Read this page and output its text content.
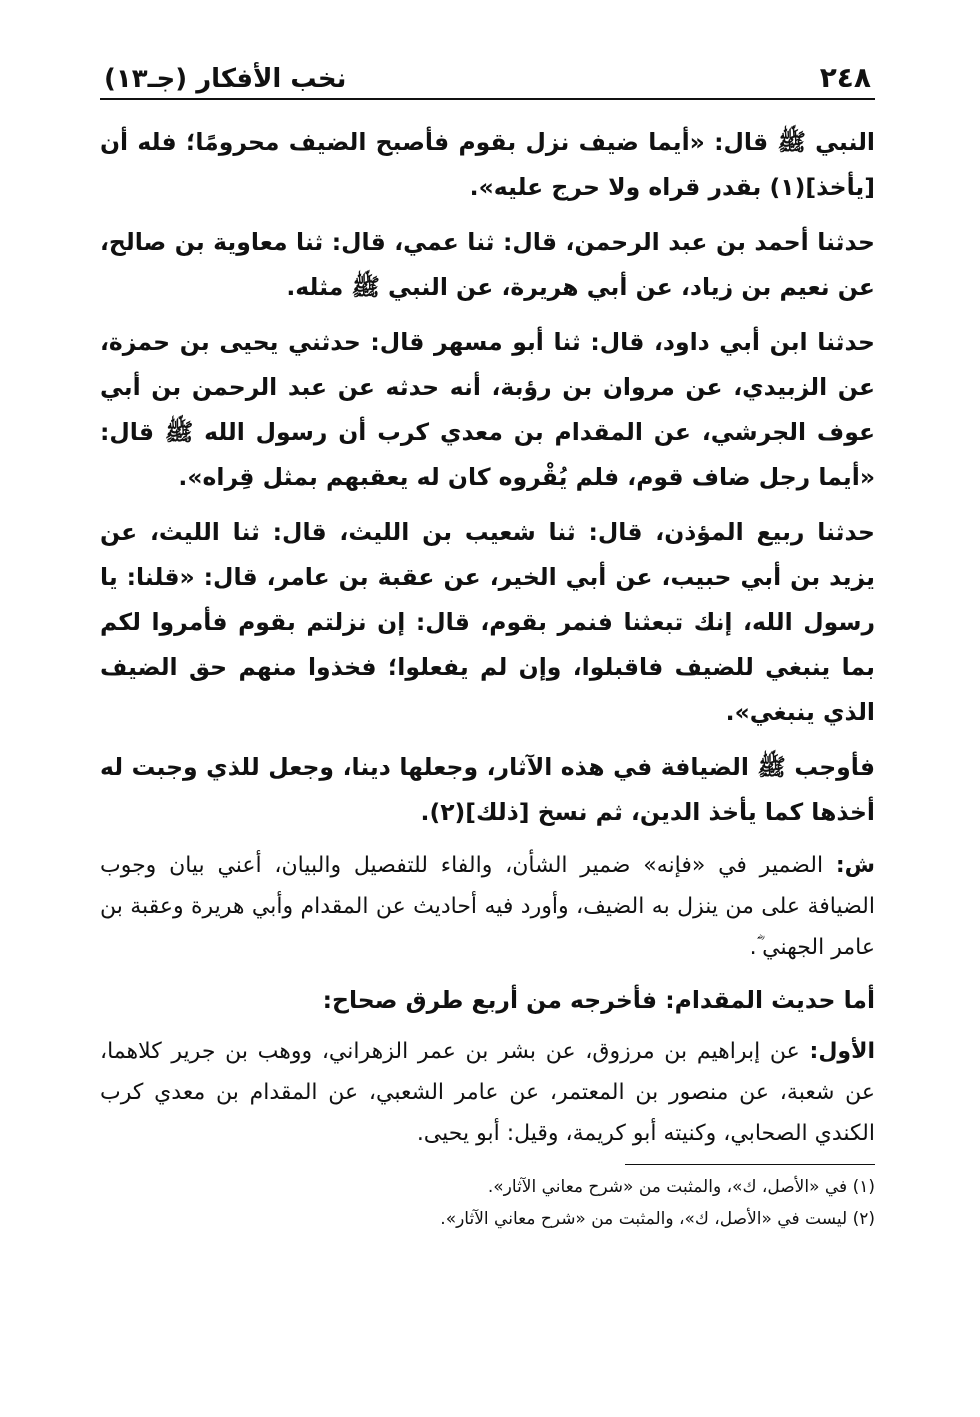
٢٤٨
نخب الأفكار (جـ١٣)

النبي ﷺ قال: «أيما ضيف نزل بقوم فأصبح الضيف محرومًا؛ فله أن [يأخذ](١) بقدر قراه ولا حرج عليه».

حدثنا أحمد بن عبد الرحمن، قال: ثنا عمي، قال: ثنا معاوية بن صالح، عن نعيم بن زياد، عن أبي هريرة، عن النبي ﷺ مثله.

حدثنا ابن أبي داود، قال: ثنا أبو مسهر قال: حدثني يحيى بن حمزة، عن الزبيدي، عن مروان بن رؤبة، أنه حدثه عن عبد الرحمن بن أبي عوف الجرشي، عن المقدام بن معدي كرب أن رسول الله ﷺ قال: «أيما رجل ضاف قوم، فلم يُقْروه كان له يعقبهم بمثل قِراه».

حدثنا ربيع المؤذن، قال: ثنا شعيب بن الليث، قال: ثنا الليث، عن يزيد بن أبي حبيب، عن أبي الخير، عن عقبة بن عامر، قال: «قلنا: يا رسول الله، إنك تبعثنا فنمر بقوم، قال: إن نزلتم بقوم فأمروا لكم بما ينبغي للضيف فاقبلوا، وإن لم يفعلوا؛ فخذوا منهم حق الضيف الذي ينبغي».

فأوجب ﷺ الضيافة في هذه الآثار، وجعلها دينا، وجعل للذي وجبت له أخذها كما يأخذ الدين، ثم نسخ [ذلك](٢).

ش: الضمير في «فإنه» ضمير الشأن، والفاء للتفصيل والبيان، أعني بيان وجوب الضيافة على من ينزل به الضيف، وأورد فيه أحاديث عن المقدام وأبي هريرة وعقبة بن عامر الجهني ؓ.

أما حديث المقدام: فأخرجه من أربع طرق صحاح:

الأول: عن إبراهيم بن مرزوق، عن بشر بن عمر الزهراني، ووهب بن جرير كلاهما، عن شعبة، عن منصور بن المعتمر، عن عامر الشعبي، عن المقدام بن معدي كرب الكندي الصحابي، وكنيته أبو كريمة، وقيل: أبو يحيى.

(١) في «الأصل، ك»، والمثبت من «شرح معاني الآثار».
(٢) ليست في «الأصل، ك»، والمثبت من «شرح معاني الآثار».
